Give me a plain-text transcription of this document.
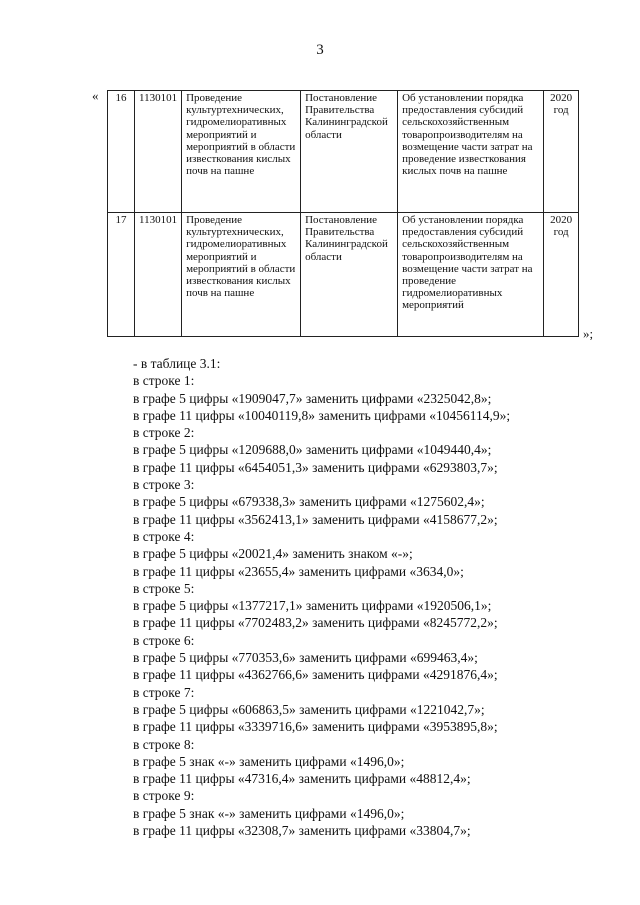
3
« 16	1130101	Проведение культуртехнических, гидромелиоративных мероприятий и мероприятий в области известкования кислых почв на пашне	Постановление Правительства Калининградской области	Об установлении порядка предоставления субсидий сельскохозяйственным товаропроизводителям на возмещение части затрат на проведение известкования кислых почв на пашне	2020 год
17	1130101	Проведение культуртехнических, гидромелиоративных мероприятий и мероприятий в области известкования кислых почв на пашне	Постановление Правительства Калининградской области	Об установлении порядка предоставления субсидий сельскохозяйственным товаропроизводителям на возмещение части затрат на проведение гидромелиоративных мероприятий	2020 год
»;
- в таблице 3.1:
в строке 1:
в графе 5 цифры «1909047,7» заменить цифрами «2325042,8»;
в графе 11 цифры «10040119,8» заменить цифрами «10456114,9»;
в строке 2:
в графе 5 цифры «1209688,0» заменить цифрами «1049440,4»;
в графе 11 цифры «6454051,3» заменить цифрами «6293803,7»;
в строке 3:
в графе 5 цифры «679338,3» заменить цифрами «1275602,4»;
в графе 11 цифры «3562413,1» заменить цифрами «4158677,2»;
в строке 4:
в графе 5 цифры «20021,4» заменить знаком «-»;
в графе 11 цифры «23655,4» заменить цифрами «3634,0»;
в строке 5:
в графе 5 цифры «1377217,1» заменить цифрами «1920506,1»;
в графе 11 цифры «7702483,2» заменить цифрами «8245772,2»;
в строке 6:
в графе 5 цифры «770353,6» заменить цифрами «699463,4»;
в графе 11 цифры «4362766,6» заменить цифрами «4291876,4»;
в строке 7:
в графе 5 цифры «606863,5» заменить цифрами «1221042,7»;
в графе 11 цифры «3339716,6» заменить цифрами «3953895,8»;
в строке 8:
в графе 5 знак «-» заменить цифрами «1496,0»;
в графе 11 цифры «47316,4» заменить цифрами «48812,4»;
в строке 9:
в графе 5 знак «-» заменить цифрами «1496,0»;
в графе 11 цифры «32308,7» заменить цифрами «33804,7»;
